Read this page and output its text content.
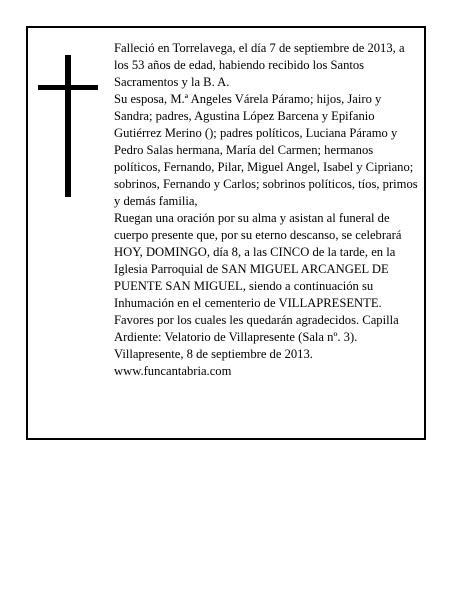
Falleció en Torrelavega, el día 7 de septiembre de 2013, a los 53 años de edad, habiendo recibido los Santos Sacramentos y la B. A.

Su esposa, M.ª Angeles Várela Páramo; hijos, Jairo y Sandra; padres, Agustina López Barcena y Epifanio Gutiérrez Merino (); padres políticos, Luciana Páramo y Pedro Salas hermana, María del Carmen; hermanos políticos, Fernando, Pilar, Miguel Angel, Isabel y Cipriano; sobrinos, Fernando y Carlos; sobrinos políticos, tíos, primos y demás familia,

Ruegan una oración por su alma y asistan al funeral de cuerpo presente que, por su eterno descanso, se celebrará HOY, DOMINGO, día 8, a las CINCO de la tarde, en la Iglesia Parroquial de SAN MIGUEL ARCANGEL DE PUENTE SAN MIGUEL, siendo a continuación su Inhumación en el cementerio de VILLAPRESENTE. Favores por los cuales les quedarán agradecidos. Capilla Ardiente: Velatorio de Villapresente (Sala nº. 3).

Villapresente, 8 de septiembre de 2013.

www.funcantabria.com
